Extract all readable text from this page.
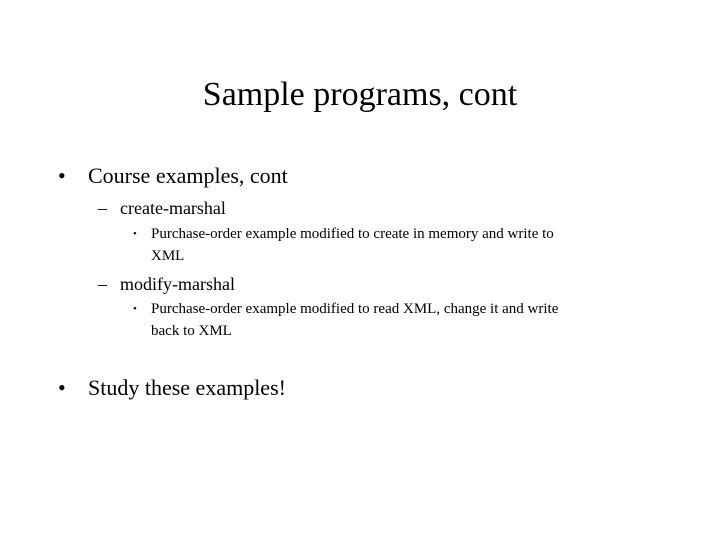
Sample programs, cont
• Course examples, cont
– create-marshal
• Purchase-order example modified to create in memory and write to
XML
– modify-marshal
• Purchase-order example modified to read XML, change it and write
back to XML
• Study these examples!
